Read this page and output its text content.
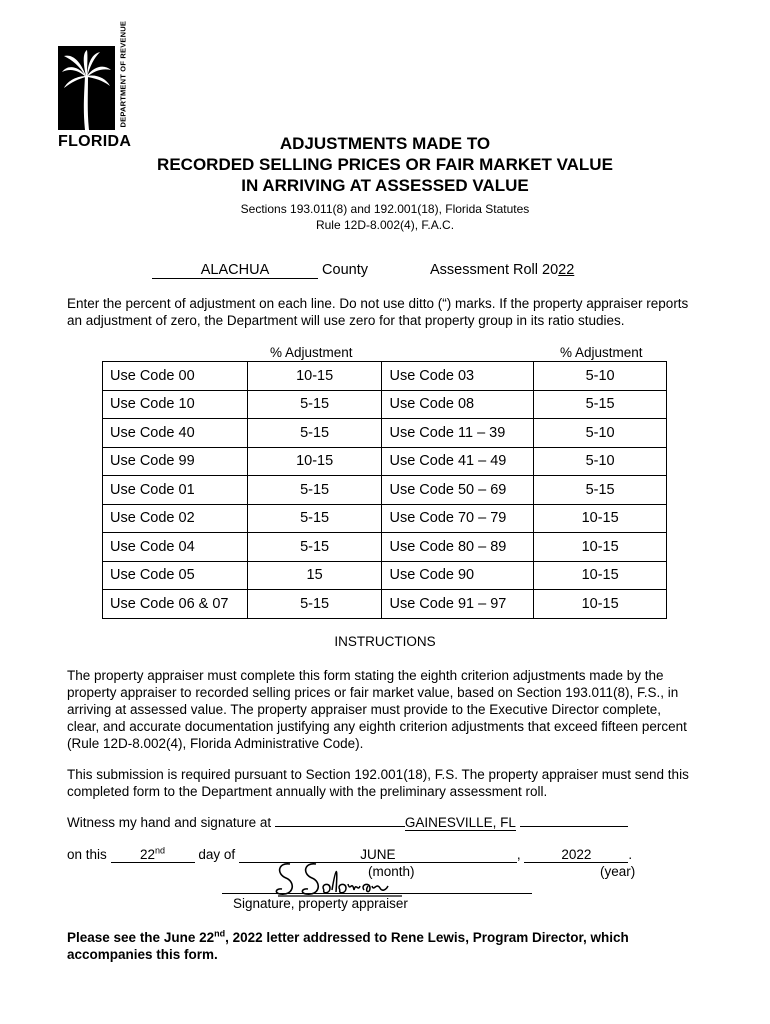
DEPARTMENT OF REVENUE
FLORIDA	ADJUSTMENTS MADE TO
RECORDED SELLING PRICES OR FAIR MARKET VALUE
IN ARRIVING AT ASSESSED VALUE
Sections 193.011(8) and 192.001(18), Florida Statutes
Rule 12D-8.002(4), F.A.C.
ALACHUA	County	Assessment Roll 2022
Enter the percent of adjustment on each line. Do not use ditto (“) marks. If the property appraiser reports an adjustment of zero, the Department will use zero for that property group in its ratio studies.
% Adjustment	% Adjustment
Use Code 00	10-15	Use Code 03	5-10
Use Code 10	5-15	Use Code 08	5-15
Use Code 40	5-15	Use Code 11 – 39	5-10
Use Code 99	10-15	Use Code 41 – 49	5-10
Use Code 01	5-15	Use Code 50 – 69	5-15
Use Code 02	5-15	Use Code 70 – 79	10-15
Use Code 04	5-15	Use Code 80 – 89	10-15
Use Code 05	15	Use Code 90	10-15
Use Code 06 & 07	5-15	Use Code 91 – 97	10-15
INSTRUCTIONS
The property appraiser must complete this form stating the eighth criterion adjustments made by the property appraiser to recorded selling prices or fair market value, based on Section 193.011(8), F.S., in arriving at assessed value. The property appraiser must provide to the Executive Director complete, clear, and accurate documentation justifying any eighth criterion adjustments that exceed fifteen percent (Rule 12D-8.002(4), Florida Administrative Code).
This submission is required pursuant to Section 192.001(18), F.S. The property appraiser must send this completed form to the Department annually with the preliminary assessment roll.
Witness my hand and signature at	GAINESVILLE, FL
on this 22nd day of	JUNE	,	2022	.
(month)	(year)
Signature, property appraiser
Please see the June 22nd, 2022 letter addressed to Rene Lewis, Program Director, which accompanies this form.
